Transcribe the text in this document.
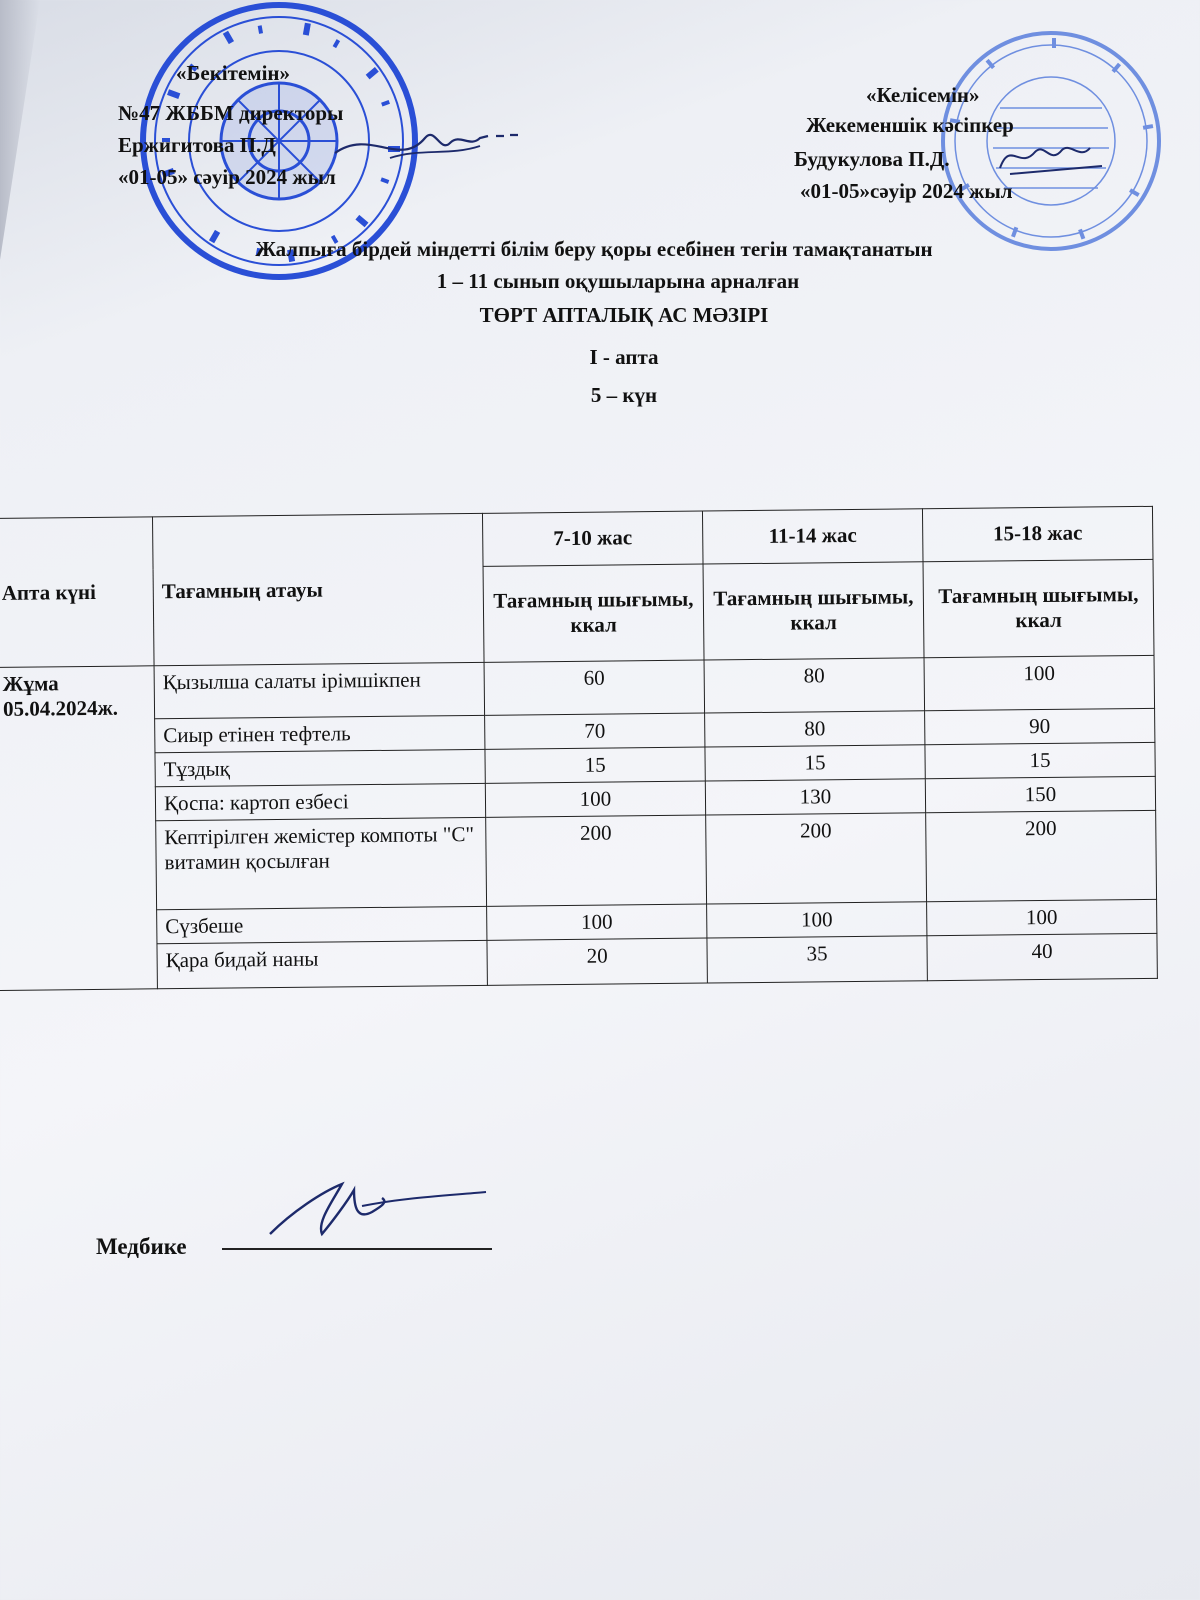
«Бекітемін»
№47 ЖББМ директоры
Ержигитова П.Д
«01-05» сәуір 2024 жыл
«Келісемін»
Жекеменшік кәсіпкер
Будукулова П.Д.
«01-05»сәуір 2024 жыл
Жалпыға бірдей міндетті білім беру қоры есебінен тегін тамақтанатын
1 – 11 сынып оқушыларына арналған
ТӨРТ АПТАЛЫҚ АС МӘЗІРІ
І - апта
5 – күн
Апта күні	Тағамның атауы	7-10 жас	11-14 жас	15-18 жас
		Тағамның шығымы, ккал	Тағамның шығымы, ккал	Тағамның шығымы, ккал

Жұма
05.04.2024ж.	Қызылша салаты ірімшікпен	60	80	100
	Сиыр етінен тефтель	70	80	90
	Тұздық	15	15	15
	Қоспа: картоп езбесі	100	130	150
	Кептірілген жемістер компоты "С" витамин қосылған	200	200	200
	Сүзбеше	100	100	100
	Қара бидай наны	20	35	40
Медбике
